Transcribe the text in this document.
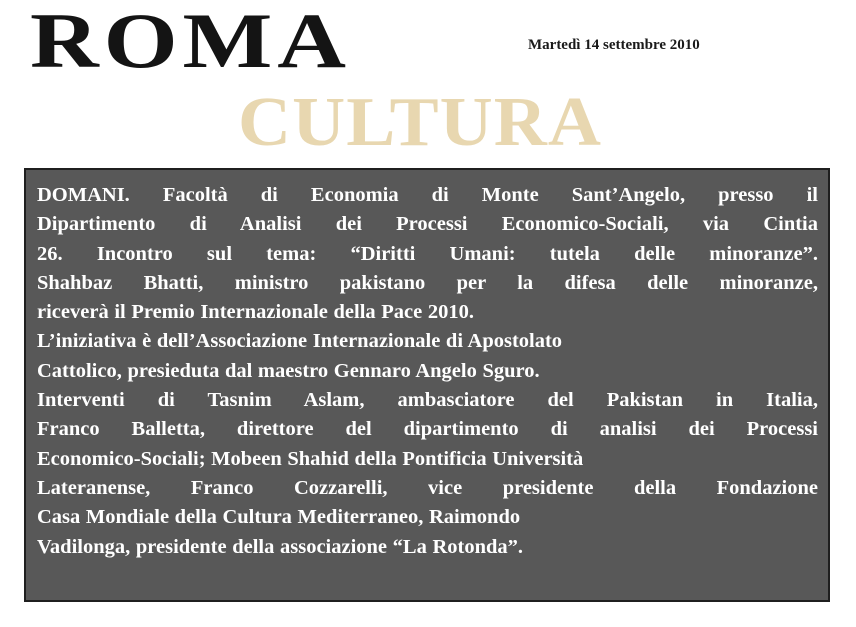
ROMA	Martedì 14 settembre 2010
CULTURA

DOMANI. Facoltà di Economia di Monte Sant’Angelo, presso il
Dipartimento di Analisi dei Processi Economico-Sociali, via Cintia
26. Incontro sul tema: “Diritti Umani: tutela delle minoranze”.
Shahbaz Bhatti, ministro pakistano per la difesa delle minoranze,
riceverà il Premio Internazionale della Pace 2010.
L’iniziativa è dell’Associazione Internazionale di Apostolato
Cattolico, presieduta dal maestro Gennaro Angelo Sguro.
Interventi di Tasnim Aslam, ambasciatore del Pakistan in Italia,
Franco Balletta, direttore del dipartimento di analisi dei Processi
Economico-Sociali; Mobeen Shahid della Pontificia Università
Lateranense, Franco Cozzarelli, vice presidente della Fondazione
Casa Mondiale della Cultura Mediterraneo, Raimondo
Vadilonga, presidente della associazione “La Rotonda”.
